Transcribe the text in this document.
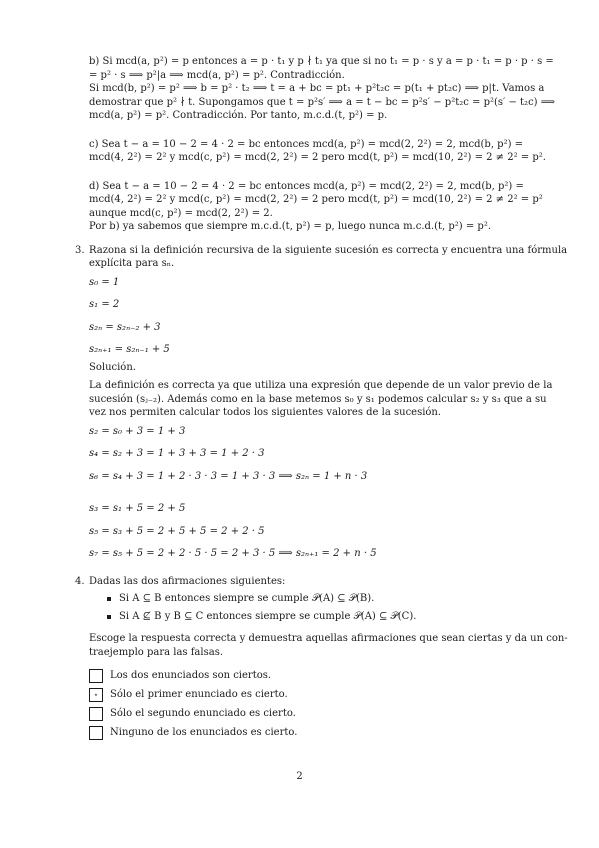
b) Si mcd(a, p²) = p entonces a = p · t₁ y p ∤ t₁ ya que si no t₁ = p · s y a = p · t₁ = p · p · s =

= p² · s ⟹ p²|a ⟹ mcd(a, p²) = p². Contradicción.

Si mcd(b, p²) = p² ⟹ b = p² · t₂ ⟹ t = a + bc = pt₁ + p²t₂c = p(t₁ + pt₂c) ⟹ p|t. Vamos a

demostrar que p² ∤ t. Supongamos que t = p²s′ ⟹ a = t − bc = p²s′ − p²t₂c = p²(s′ − t₂c) ⟹

mcd(a, p²) = p². Contradicción. Por tanto, m.c.d.(t, p²) = p.

c) Sea t − a = 10 − 2 = 4 · 2 = bc entonces mcd(a, p²) = mcd(2, 2²) = 2, mcd(b, p²) =

mcd(4, 2²) = 2² y mcd(c, p²) = mcd(2, 2²) = 2 pero mcd(t, p²) = mcd(10, 2²) = 2 ≠ 2² = p².

d) Sea t − a = 10 − 2 = 4 · 2 = bc entonces mcd(a, p²) = mcd(2, 2²) = 2, mcd(b, p²) =

mcd(4, 2²) = 2² y mcd(c, p²) = mcd(2, 2²) = 2 pero mcd(t, p²) = mcd(10, 2²) = 2 ≠ 2² = p²

aunque mcd(c, p²) = mcd(2, 2²) = 2.

Por b) ya sabemos que siempre m.c.d.(t, p²) = p, luego nunca m.c.d.(t, p²) = p².

3. Razona si la definición recursiva de la siguiente sucesión es correcta y encuentra una fórmula

explícita para sₙ.

s₀ = 1
s₁ = 2
s₂ₙ = s₂ₙ₋₂ + 3
s₂ₙ₊₁ = s₂ₙ₋₁ + 5

Solución.

La definición es correcta ya que utiliza una expresión que depende de un valor previo de la

sucesión (sⱼ₋₂). Además como en la base metemos s₀ y s₁ podemos calcular s₂ y s₃ que a su

vez nos permiten calcular todos los siguientes valores de la sucesión.

s₂ = s₀ + 3 = 1 + 3
s₄ = s₂ + 3 = 1 + 3 + 3 = 1 + 2 · 3
s₆ = s₄ + 3 = 1 + 2 · 3 · 3 = 1 + 3 · 3 ⟹ s₂ₙ = 1 + n · 3
s₃ = s₁ + 5 = 2 + 5
s₅ = s₃ + 5 = 2 + 5 + 5 = 2 + 2 · 5
s₇ = s₅ + 5 = 2 + 2 · 5 · 5 = 2 + 3 · 5 ⟹ s₂ₙ₊₁ = 2 + n · 5
4. Dadas las dos afirmaciones siguientes:

Si A ⊆ B entonces siempre se cumple 𝒫(A) ⊆ 𝒫(B).
Si A ⊈ B y B ⊆ C entonces siempre se cumple 𝒫(A) ⊆ 𝒫(C).

Escoge la respuesta correcta y demuestra aquellas afirmaciones que sean ciertas y da un con-

traejemplo para las falsas.

Los dos enunciados son ciertos.
⋆	Sólo el primer enunciado es cierto.
Sólo el segundo enunciado es cierto.
Ninguno de los enunciados es cierto.
2
